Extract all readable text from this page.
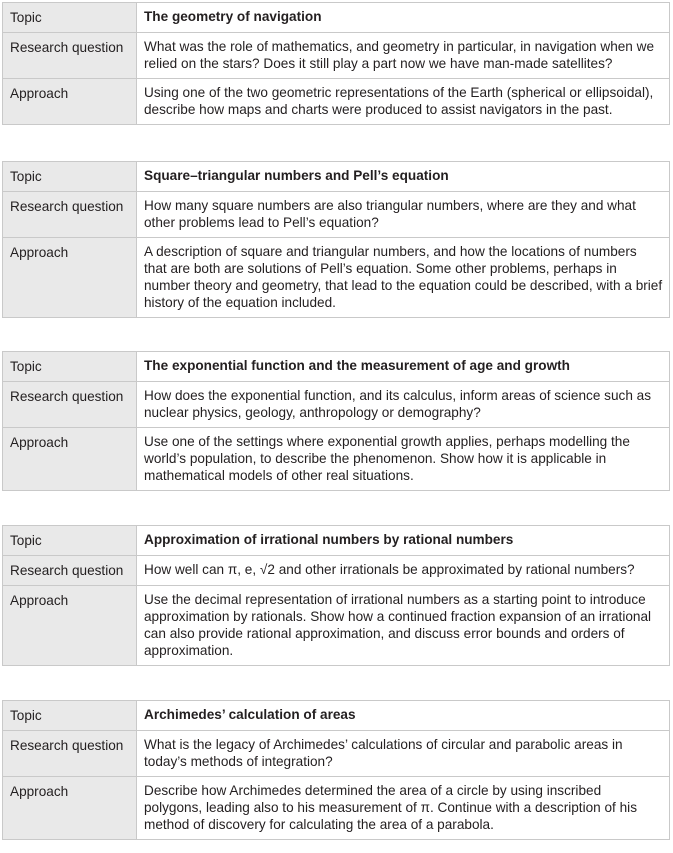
Topic	The geometry of navigation
Research question	What was the role of mathematics, and geometry in particular, in navigation when we relied on the stars? Does it still play a part now we have man-made satellites?
Approach	Using one of the two geometric representations of the Earth (spherical or ellipsoidal), describe how maps and charts were produced to assist navigators in the past.
Topic	Square–triangular numbers and Pell’s equation
Research question	How many square numbers are also triangular numbers, where are they and what other problems lead to Pell’s equation?
Approach	A description of square and triangular numbers, and how the locations of numbers that are both are solutions of Pell’s equation. Some other problems, perhaps in number theory and geometry, that lead to the equation could be described, with a brief history of the equation included.
Topic	The exponential function and the measurement of age and growth
Research question	How does the exponential function, and its calculus, inform areas of science such as nuclear physics, geology, anthropology or demography?
Approach	Use one of the settings where exponential growth applies, perhaps modelling the world’s population, to describe the phenomenon. Show how it is applicable in mathematical models of other real situations.
Topic	Approximation of irrational numbers by rational numbers
Research question	How well can π, e, √2 and other irrationals be approximated by rational numbers?
Approach	Use the decimal representation of irrational numbers as a starting point to introduce approximation by rationals. Show how a continued fraction expansion of an irrational can also provide rational approximation, and discuss error bounds and orders of approximation.
Topic	Archimedes’ calculation of areas
Research question	What is the legacy of Archimedes’ calculations of circular and parabolic areas in today’s methods of integration?
Approach	Describe how Archimedes determined the area of a circle by using inscribed polygons, leading also to his measurement of π. Continue with a description of his method of discovery for calculating the area of a parabola.
